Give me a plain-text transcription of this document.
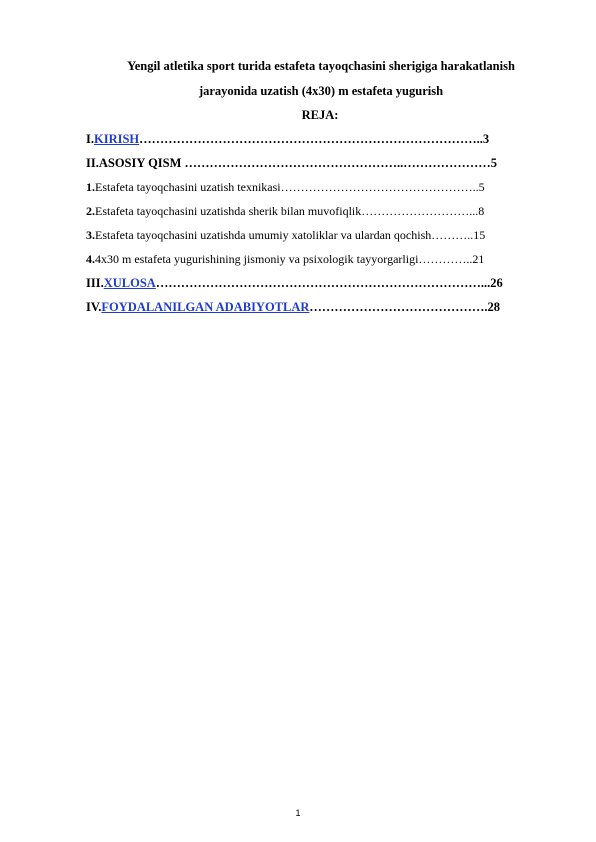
Yengil atletika sport turida estafeta tayoqchasini sherigiga harakatlanish
jarayonida uzatish (4x30) m estafeta yugurish
REJA:
I.KIRISH………………………………………………………………………..3
II.ASOSIY QISM ……………………………………………..…………………5
1.Estafeta tayoqchasini uzatish texnikasi…………………………………………..5
2.Estafeta tayoqchasini uzatishda sherik bilan muvofiqlik………………………...8
3.Estafeta tayoqchasini uzatishda umumiy xatoliklar va ulardan qochish………..15
4.4x30 m estafeta yugurishining jismoniy va psixologik tayyorgarligi…………..21
III.XULOSA……………………………………………………………………...26
IV.FOYDALANILGAN ADABIYOTLAR…………………………………….28
1
